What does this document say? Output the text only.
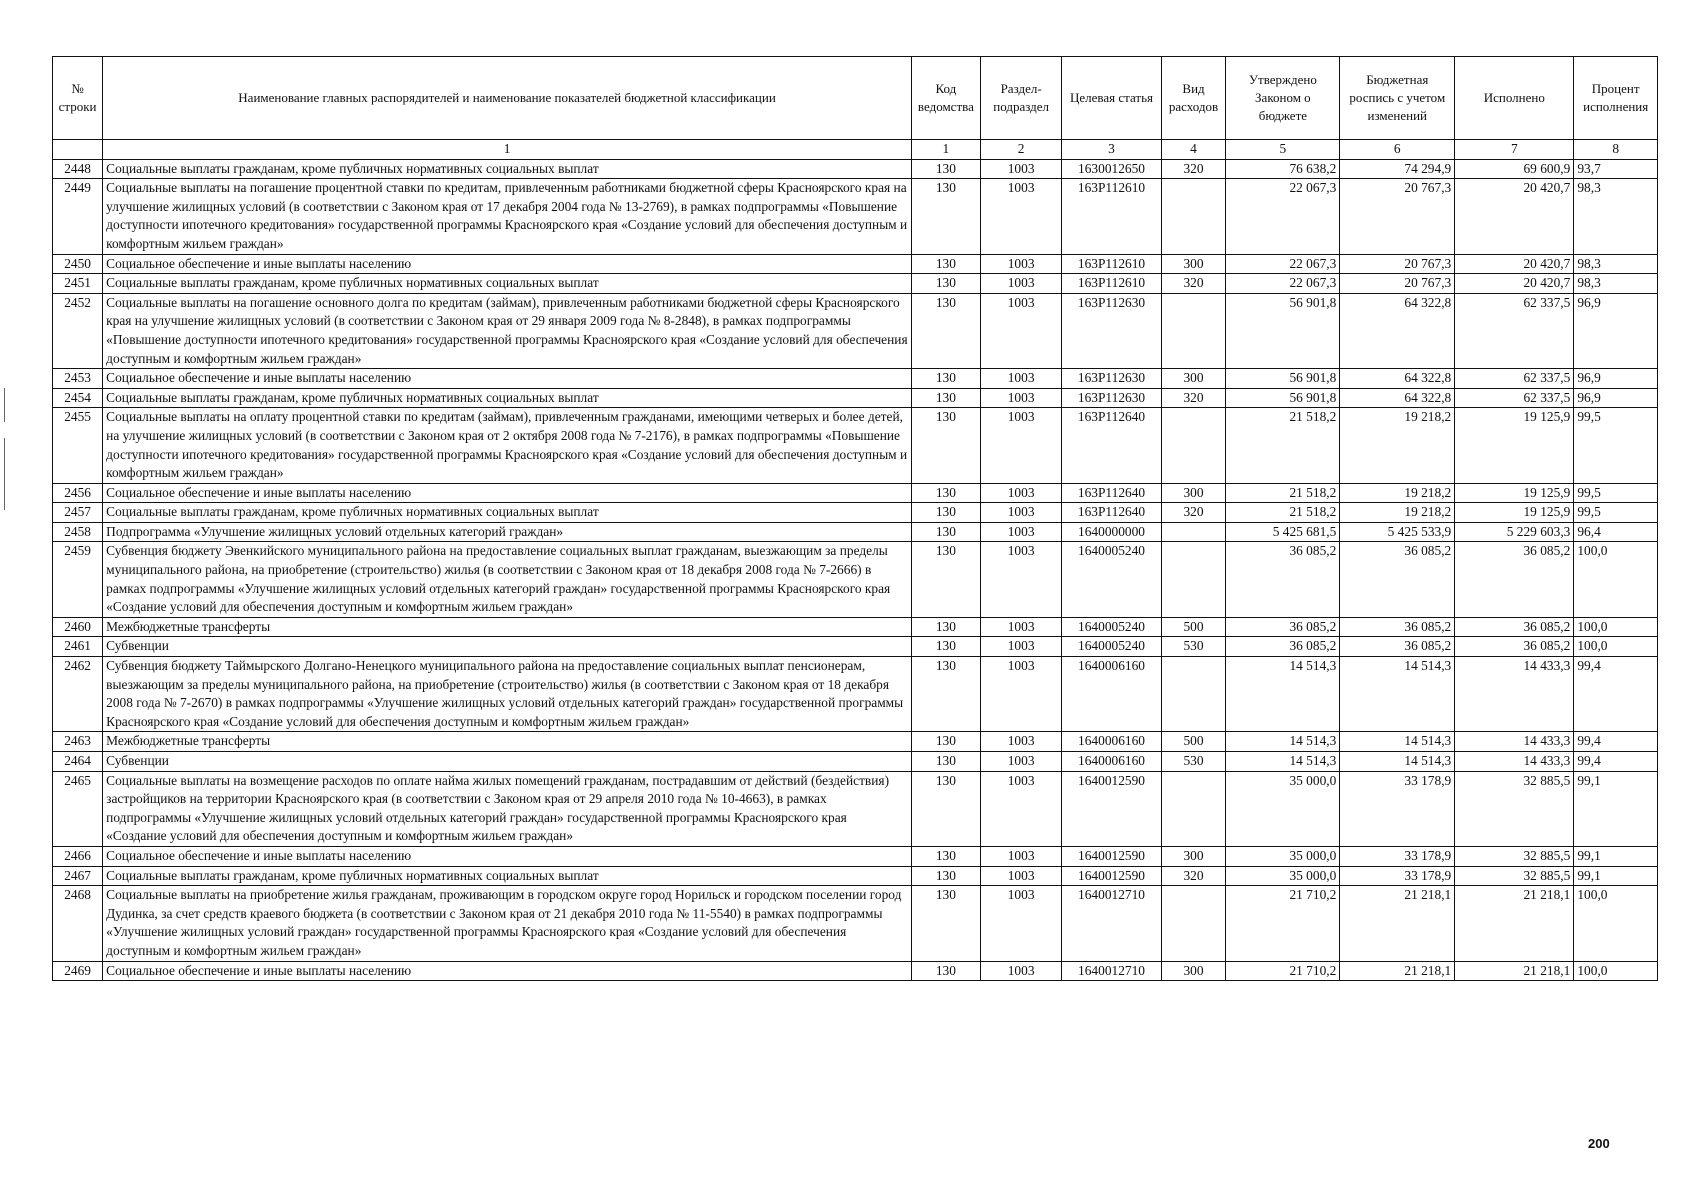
№ строки	Наименование главных распорядителей и наименование показателей бюджетной классификации	Код ведомства	Раздел-подраздел	Целевая статья	Вид расходов	Утверждено Законом о бюджете	Бюджетная роспись с учетом изменений	Исполнено	Процент исполнения
	1	1	2	3	4	5	6	7	8
2448	Социальные выплаты гражданам, кроме публичных нормативных социальных выплат	130	1003	1630012650	320	76 638,2	74 294,9	69 600,9	93,7
2449	Социальные выплаты на погашение процентной ставки по кредитам, привлеченным работниками бюджетной сферы Красноярского края на улучшение жилищных условий (в соответствии с Законом края от 17 декабря 2004 года № 13-2769), в рамках подпрограммы «Повышение доступности ипотечного кредитования» государственной программы Красноярского края «Создание условий для обеспечения доступным и комфортным жильем граждан»	130	1003	163P112610		22 067,3	20 767,3	20 420,7	98,3
2450	Социальное обеспечение и иные выплаты населению	130	1003	163P112610	300	22 067,3	20 767,3	20 420,7	98,3
2451	Социальные выплаты гражданам, кроме публичных нормативных социальных выплат	130	1003	163P112610	320	22 067,3	20 767,3	20 420,7	98,3
2452	Социальные выплаты на погашение основного долга по кредитам (займам), привлеченным работниками бюджетной сферы Красноярского края на улучшение жилищных условий (в соответствии с Законом края от 29 января 2009 года № 8-2848), в рамках подпрограммы «Повышение доступности ипотечного кредитования» государственной программы Красноярского края «Создание условий для обеспечения доступным и комфортным жильем граждан»	130	1003	163P112630		56 901,8	64 322,8	62 337,5	96,9
2453	Социальное обеспечение и иные выплаты населению	130	1003	163P112630	300	56 901,8	64 322,8	62 337,5	96,9
2454	Социальные выплаты гражданам, кроме публичных нормативных социальных выплат	130	1003	163P112630	320	56 901,8	64 322,8	62 337,5	96,9
2455	Социальные выплаты на оплату процентной ставки по кредитам (займам), привлеченным гражданами, имеющими четверых и более детей, на улучшение жилищных условий (в соответствии с Законом края от 2 октября 2008 года № 7-2176), в рамках подпрограммы «Повышение доступности ипотечного кредитования» государственной программы Красноярского края «Создание условий для обеспечения доступным и комфортным жильем граждан»	130	1003	163P112640		21 518,2	19 218,2	19 125,9	99,5
2456	Социальное обеспечение и иные выплаты населению	130	1003	163P112640	300	21 518,2	19 218,2	19 125,9	99,5
2457	Социальные выплаты гражданам, кроме публичных нормативных социальных выплат	130	1003	163P112640	320	21 518,2	19 218,2	19 125,9	99,5
2458	Подпрограмма «Улучшение жилищных условий отдельных категорий граждан»	130	1003	1640000000		5 425 681,5	5 425 533,9	5 229 603,3	96,4
2459	Субвенция бюджету Эвенкийского муниципального района на предоставление социальных выплат гражданам, выезжающим за пределы муниципального района, на приобретение (строительство) жилья (в соответствии с Законом края от 18 декабря 2008 года № 7-2666) в рамках подпрограммы «Улучшение жилищных условий отдельных категорий граждан» государственной программы Красноярского края «Создание условий для обеспечения доступным и комфортным жильем граждан»	130	1003	1640005240		36 085,2	36 085,2	36 085,2	100,0
2460	Межбюджетные трансферты	130	1003	1640005240	500	36 085,2	36 085,2	36 085,2	100,0
2461	Субвенции	130	1003	1640005240	530	36 085,2	36 085,2	36 085,2	100,0
2462	Субвенция бюджету Таймырского Долгано-Ненецкого муниципального района на предоставление социальных выплат пенсионерам, выезжающим за пределы муниципального района, на приобретение (строительство) жилья (в соответствии с Законом края от 18 декабря 2008 года № 7-2670) в рамках подпрограммы «Улучшение жилищных условий отдельных категорий граждан» государственной программы Красноярского края «Создание условий для обеспечения доступным и комфортным жильем граждан»	130	1003	1640006160		14 514,3	14 514,3	14 433,3	99,4
2463	Межбюджетные трансферты	130	1003	1640006160	500	14 514,3	14 514,3	14 433,3	99,4
2464	Субвенции	130	1003	1640006160	530	14 514,3	14 514,3	14 433,3	99,4
2465	Социальные выплаты на возмещение расходов по оплате найма жилых помещений гражданам, пострадавшим от действий (бездействия) застройщиков на территории Красноярского края (в соответствии с Законом края от 29 апреля 2010 года № 10-4663), в рамках подпрограммы «Улучшение жилищных условий отдельных категорий граждан» государственной программы Красноярского края «Создание условий для обеспечения доступным и комфортным жильем граждан»	130	1003	1640012590		35 000,0	33 178,9	32 885,5	99,1
2466	Социальное обеспечение и иные выплаты населению	130	1003	1640012590	300	35 000,0	33 178,9	32 885,5	99,1
2467	Социальные выплаты гражданам, кроме публичных нормативных социальных выплат	130	1003	1640012590	320	35 000,0	33 178,9	32 885,5	99,1
2468	Социальные выплаты на приобретение жилья гражданам, проживающим в городском округе город Норильск и городском поселении город Дудинка, за счет средств краевого бюджета (в соответствии с Законом края от 21 декабря 2010 года № 11-5540) в рамках подпрограммы «Улучшение жилищных условий граждан» государственной программы Красноярского края «Создание условий для обеспечения доступным и комфортным жильем граждан»	130	1003	1640012710		21 710,2	21 218,1	21 218,1	100,0
2469	Социальное обеспечение и иные выплаты населению	130	1003	1640012710	300	21 710,2	21 218,1	21 218,1	100,0
200
